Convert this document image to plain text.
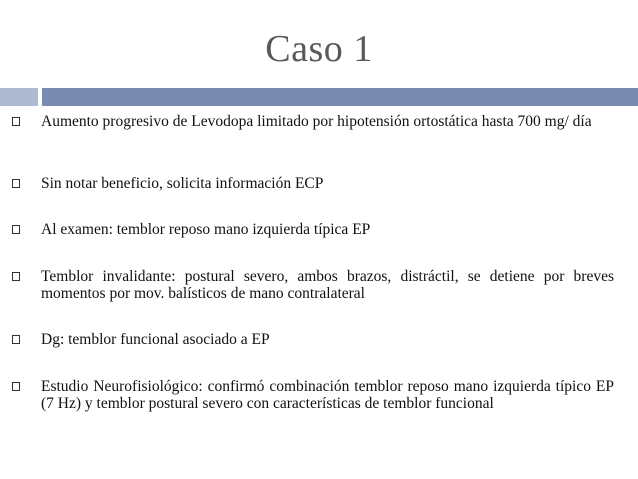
Caso 1
Aumento progresivo de Levodopa limitado por hipotensión ortostática hasta 700 mg/ día
Sin notar beneficio, solicita información ECP
Al examen: temblor reposo mano izquierda típica EP
Temblor invalidante: postural severo, ambos brazos, distráctil, se detiene por breves momentos por mov. balísticos de mano contralateral
Dg: temblor funcional asociado a EP
Estudio Neurofisiológico: confirmó combinación temblor reposo mano izquierda típico EP (7 Hz) y temblor postural severo con características de temblor funcional
